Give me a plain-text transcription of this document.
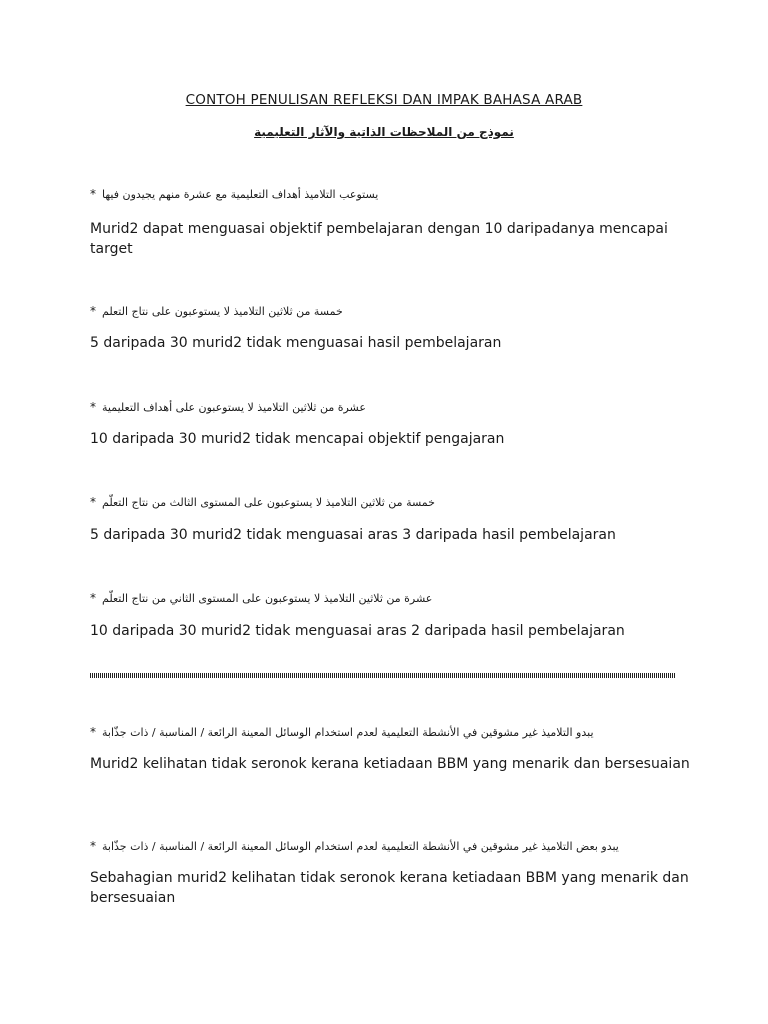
CONTOH PENULISAN REFLEKSI DAN IMPAK BAHASA ARAB
نموذج من الملاحظات الذاتية والآثار التعليمية
* يستوعب التلاميذ أهداف التعليمية مع عشرة منهم يجيدون فيها
Murid2 dapat menguasai objektif pembelajaran dengan 10 daripadanya mencapai target
* خمسة من ثلاثين التلاميذ لا يستوعبون على نتاج التعلم
5 daripada 30 murid2 tidak menguasai hasil pembelajaran
* عشرة من ثلاثين التلاميذ لا يستوعبون على أهداف التعليمية
10 daripada 30 murid2 tidak mencapai objektif pengajaran
* خمسة من ثلاثين التلاميذ لا يستوعبون على المستوى الثالث من نتاج التعلّم
5 daripada 30 murid2 tidak menguasai aras 3 daripada hasil pembelajaran
* عشرة من ثلاثين التلاميذ لا يستوعبون على المستوى الثاني من نتاج التعلّم
10 daripada 30 murid2 tidak menguasai aras 2 daripada hasil pembelajaran
* يبدو التلاميذ غير مشوقين في الأنشطة التعليمية لعدم استخدام الوسائل المعينة الرائعة / المناسبة / ذات جذّابة
Murid2 kelihatan tidak seronok kerana ketiadaan BBM yang menarik dan bersesuaian
* يبدو بعض التلاميذ غير مشوقين في الأنشطة التعليمية لعدم استخدام الوسائل المعينة الرائعة / المناسبة / ذات جذّابة
Sebahagian murid2 kelihatan tidak seronok kerana ketiadaan BBM yang menarik dan bersesuaian
